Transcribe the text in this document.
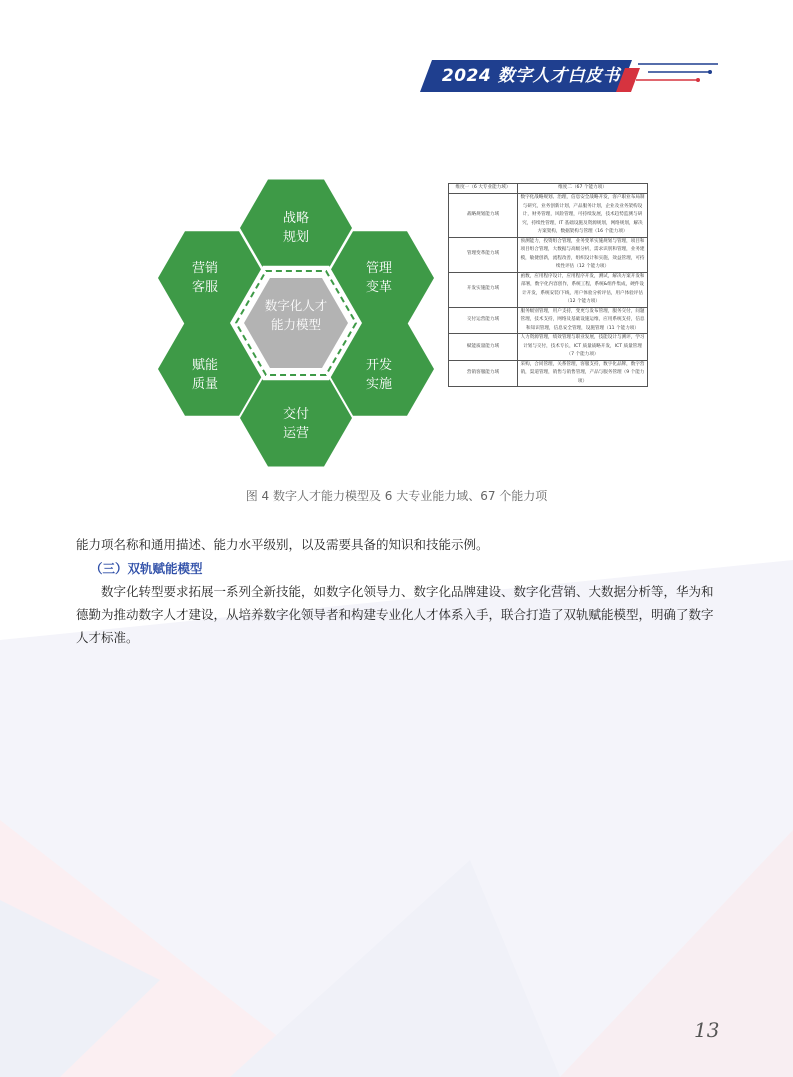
2024 数字人才白皮书
数字化人才
能力模型
战略
规划
营销
客服
管理
变革
赋能
质量
开发
实施
交付
运营
维度一（6 大专业能力域）	维度二（67 个能力项）
战略规划能力域	数字化战略规划、治理，信息安全战略开发，客户职业布局制与研究，业务创新计划，产品服务计划，企业及业务架构设计，财务管理，风险管理，可持续发展，技术趋势监测与研究，持续性管理，IT 基础设施及资源规划，网络规划，解决方案架构，数据架构与管理（16 个能力项）
管理变革能力域	预测能力，投资组合管理，业务变革实施规划与管理，项目和项目组合管理，大数据与高级分析，需求识别和管理，业务建模，敏捷创新，流程改善，组织设计和实施，效益管理，可持续性评估（12 个能力项）
开发实施能力域	函数，应用程序设计，应用程序开发，测试，解决方案开发和部署，数字化内容创作，系统工程，系统&组件集成，硬件设计开发，系统安装/下线，用户体验分析评估，用户体验评估（12 个能力项）
交付运营能力域	服务级别管理，用户支持，变更与发布管理，服务交付，问题管理，技术支持，网络及基础设施运维，应用系统支持，信息和知识管理，信息安全管理，设施管理（11 个能力项）
赋能质量能力域	人力资源管理，绩效管理与职业发展，技能设计与测评，学习计划与交付，技术专长，ICT 质量战略开发，ICT 质量管理（7 个能力项）
营销客服能力域	采购，合同管理，关系管理，客服支持，数字化品牌，数字营销，渠道管理，销售与销售管理，产品与服务管理（9 个能力项）
图 4 数字人才能力模型及 6 大专业能力域、67 个能力项
能力项名称和通用描述、能力水平级别，以及需要具备的知识和技能示例。
（三）双轨赋能模型
数字化转型要求拓展一系列全新技能，如数字化领导力、数字化品牌建设、数字化营销、大数据分析等，华为和德勤为推动数字人才建设，从培养数字化领导者和构建专业化人才体系入手，联合打造了双轨赋能模型，明确了数字人才标准。
13
